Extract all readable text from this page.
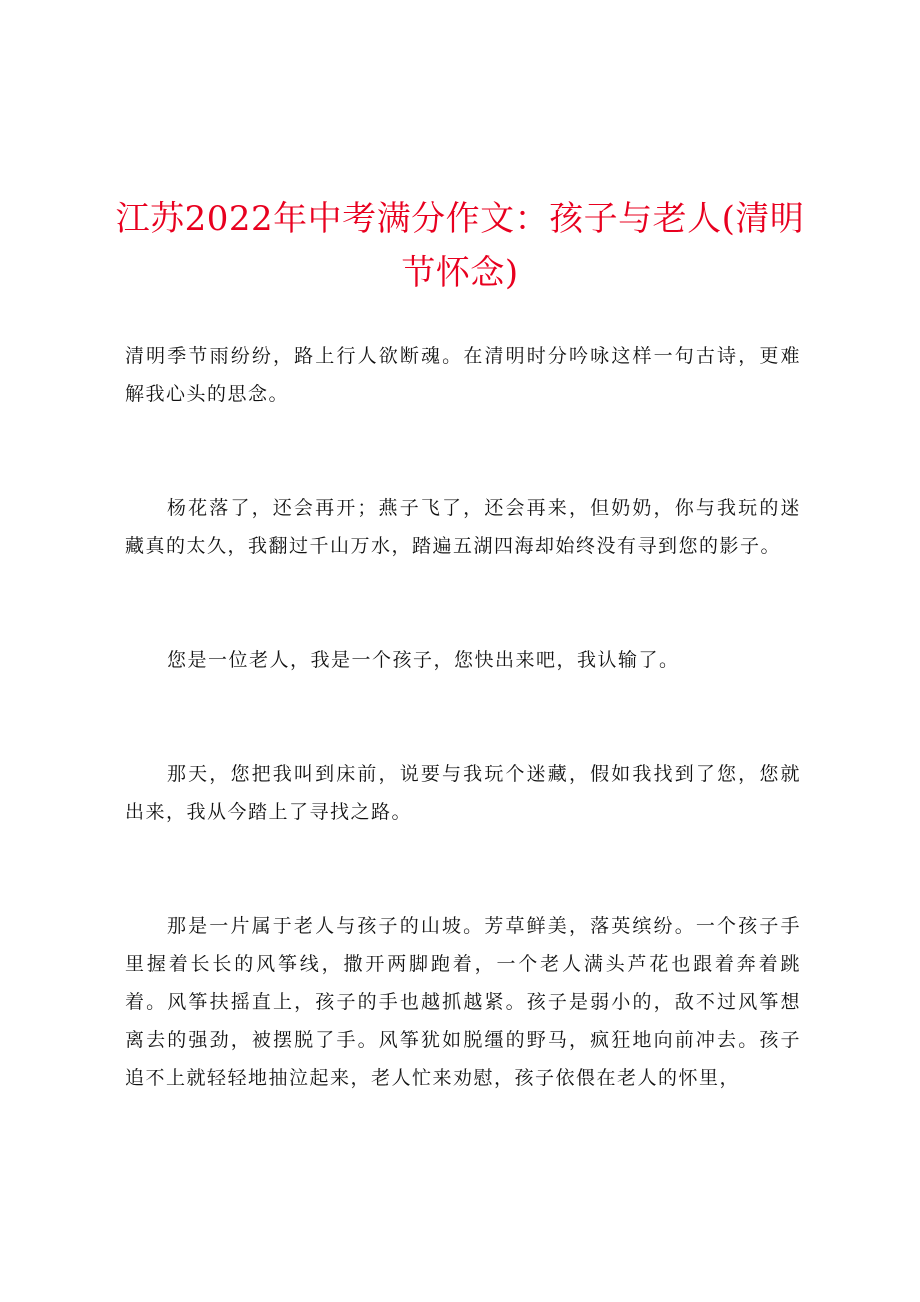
江苏2022年中考满分作文：孩子与老人(清明节怀念)

清明季节雨纷纷，路上行人欲断魂。在清明时分吟咏这样一句古诗，更难解我心头的思念。

杨花落了，还会再开；燕子飞了，还会再来，但奶奶，你与我玩的迷藏真的太久，我翻过千山万水，踏遍五湖四海却始终没有寻到您的影子。

您是一位老人，我是一个孩子，您快出来吧，我认输了。

那天，您把我叫到床前，说要与我玩个迷藏，假如我找到了您，您就出来，我从今踏上了寻找之路。

那是一片属于老人与孩子的山坡。芳草鲜美，落英缤纷。一个孩子手里握着长长的风筝线，撒开两脚跑着，一个老人满头芦花也跟着奔着跳着。风筝扶摇直上，孩子的手也越抓越紧。孩子是弱小的，敌不过风筝想离去的强劲，被摆脱了手。风筝犹如脱缰的野马，疯狂地向前冲去。孩子追不上就轻轻地抽泣起来，老人忙来劝慰，孩子依偎在老人的怀里，
